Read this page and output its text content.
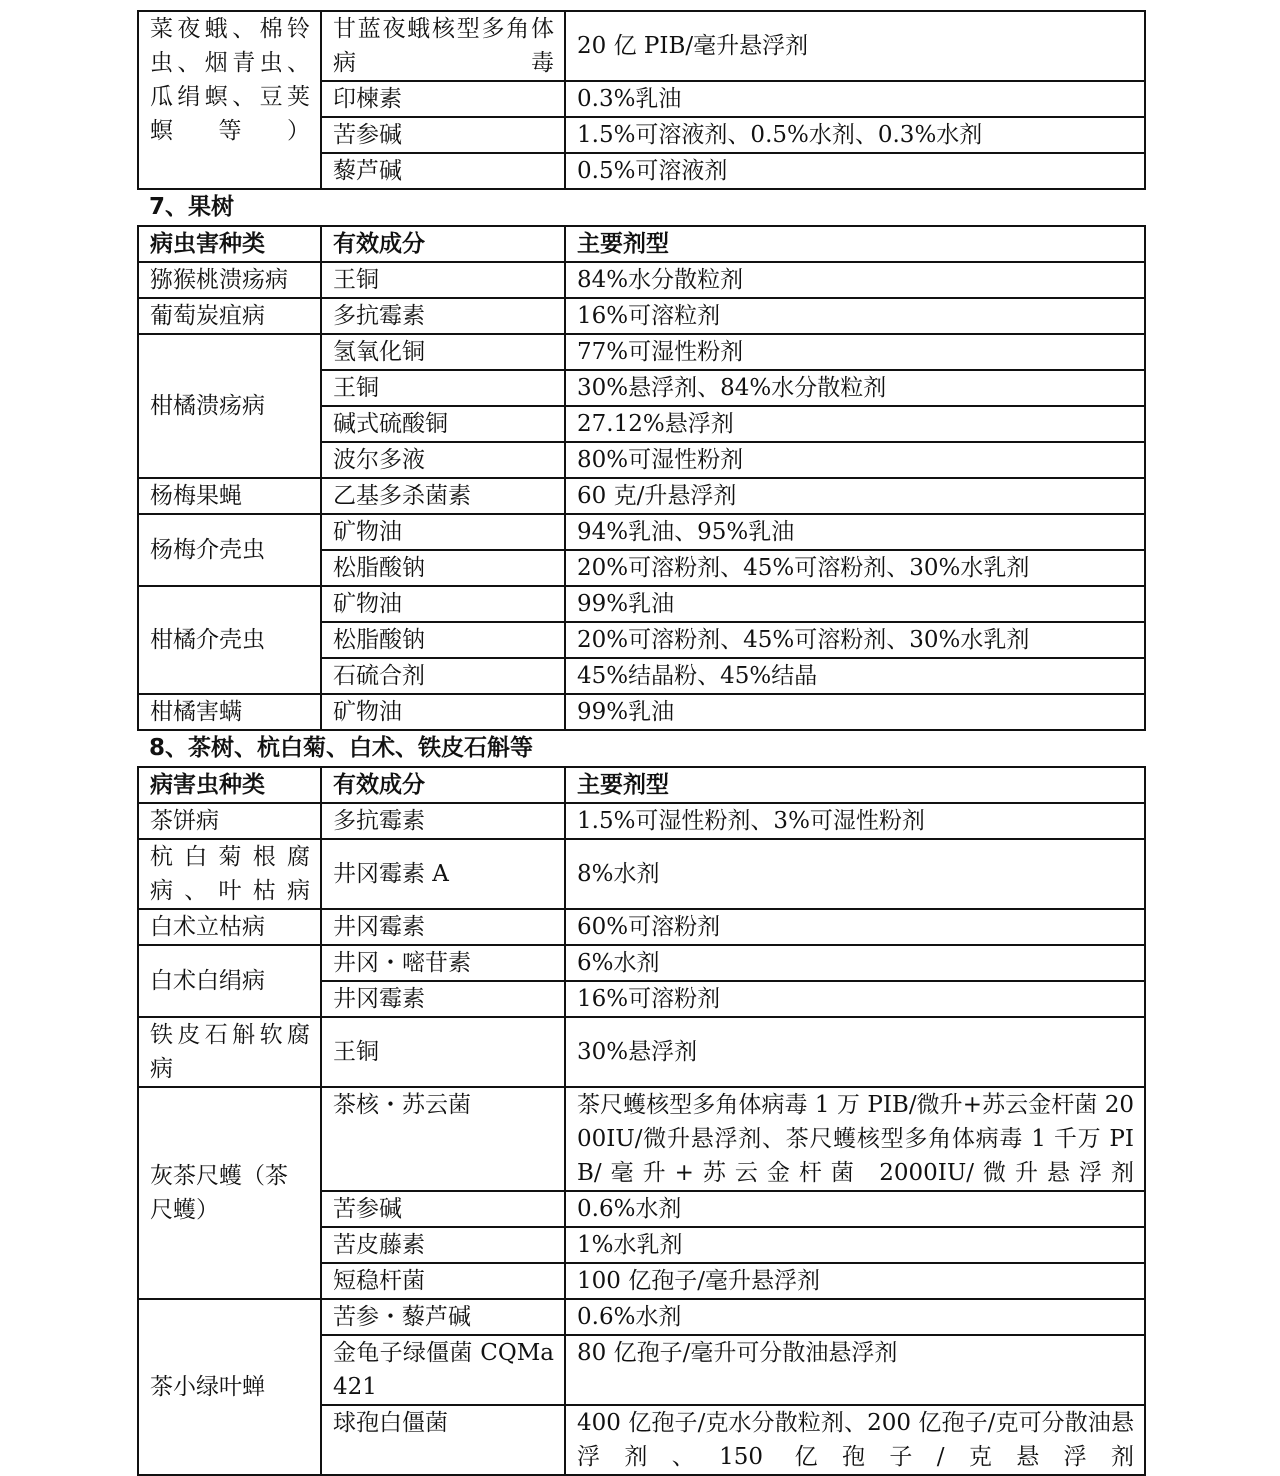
菜夜蛾、棉铃虫、烟青虫、瓜绢螟、豆荚螟等）	甘蓝夜蛾核型多角体病毒	20 亿 PIB/毫升悬浮剂
	印楝素	0.3%乳油
	苦参碱	1.5%可溶液剂、0.5%水剂、0.3%水剂
	藜芦碱	0.5%可溶液剂
7、果树
病虫害种类	有效成分	主要剂型
猕猴桃溃疡病	王铜	84%水分散粒剂
葡萄炭疽病	多抗霉素	16%可溶粒剂
柑橘溃疡病	氢氧化铜	77%可湿性粉剂
	王铜	30%悬浮剂、84%水分散粒剂
	碱式硫酸铜	27.12%悬浮剂
	波尔多液	80%可湿性粉剂
杨梅果蝇	乙基多杀菌素	60 克/升悬浮剂
杨梅介壳虫	矿物油	94%乳油、95%乳油
	松脂酸钠	20%可溶粉剂、45%可溶粉剂、30%水乳剂
柑橘介壳虫	矿物油	99%乳油
	松脂酸钠	20%可溶粉剂、45%可溶粉剂、30%水乳剂
	石硫合剂	45%结晶粉、45%结晶
柑橘害螨	矿物油	99%乳油
8、茶树、杭白菊、白术、铁皮石斛等
病害虫种类	有效成分	主要剂型
茶饼病	多抗霉素	1.5%可湿性粉剂、3%可湿性粉剂
杭白菊根腐病、叶枯病	井冈霉素 A	8%水剂
白术立枯病	井冈霉素	60%可溶粉剂
白术白绢病	井冈・嘧苷素	6%水剂
	井冈霉素	16%可溶粉剂
铁皮石斛软腐病	王铜	30%悬浮剂
灰茶尺蠖（茶尺蠖）	茶核・苏云菌	茶尺蠖核型多角体病毒 1 万 PIB/微升+苏云金杆菌 2000IU/微升悬浮剂、茶尺蠖核型多角体病毒 1 千万 PIB/毫升+苏云金杆菌 2000IU/微升悬浮剂
	苦参碱	0.6%水剂
	苦皮藤素	1%水乳剂
	短稳杆菌	100 亿孢子/毫升悬浮剂
茶小绿叶蝉	苦参・藜芦碱	0.6%水剂
	金龟子绿僵菌 CQMa421	80 亿孢子/毫升可分散油悬浮剂
	球孢白僵菌	400 亿孢子/克水分散粒剂、200 亿孢子/克可分散油悬浮剂、150 亿孢子/克悬浮剂
